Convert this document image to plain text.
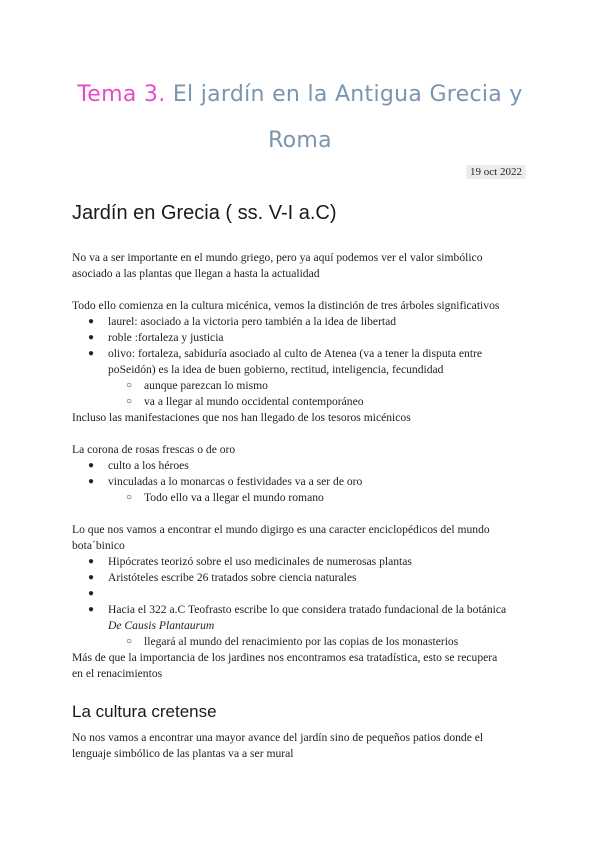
Tema 3. El jardín en la Antigua Grecia y
Roma
19 oct 2022
Jardín en Grecia ( ss. V-I a.C)

No va a ser importante en el mundo griego, pero ya aquí podemos ver el valor simbólico

asociado a las plantas que llegan a hasta la actualidad

Todo ello comienza en la cultura micénica, vemos la distinción de tres árboles significativos

● laurel: asociado a la victoria pero también a la idea de libertad
● roble :fortaleza y justicia
● olivo: fortaleza, sabiduría asociado al culto de Atenea (va a tener la disputa entre
poSeidón) es la idea de buen gobierno, rectitud, inteligencia, fecundidad
○ aunque parezcan lo mismo
○ va a llegar al mundo occidental contemporáneo

Incluso las manifestaciones que nos han llegado de los tesoros micénicos

La corona de rosas frescas o de oro

● culto a los héroes
● vinculadas a lo monarcas o festividades va a ser de oro
○ Todo ello va a llegar el mundo romano

Lo que nos vamos a encontrar el mundo digirgo es una caracter enciclopédicos del mundo

bota´binico

● Hipócrates teorizó sobre el uso medicinales de numerosas plantas
● Aristóteles escribe 26 tratados sobre ciencia naturales
●
● Hacia el 322 a.C Teofrasto escribe lo que considera tratado fundacional de la botánica
De Causis Plantaurum
○ llegará al mundo del renacimiento por las copias de los monasterios

Más de que la importancia de los jardines nos encontramos esa tratadística, esto se recupera

en el renacimientos

La cultura cretense

No nos vamos a encontrar una mayor avance del jardín sino de pequeños patios donde el

lenguaje simbólico de las plantas va a ser mural
